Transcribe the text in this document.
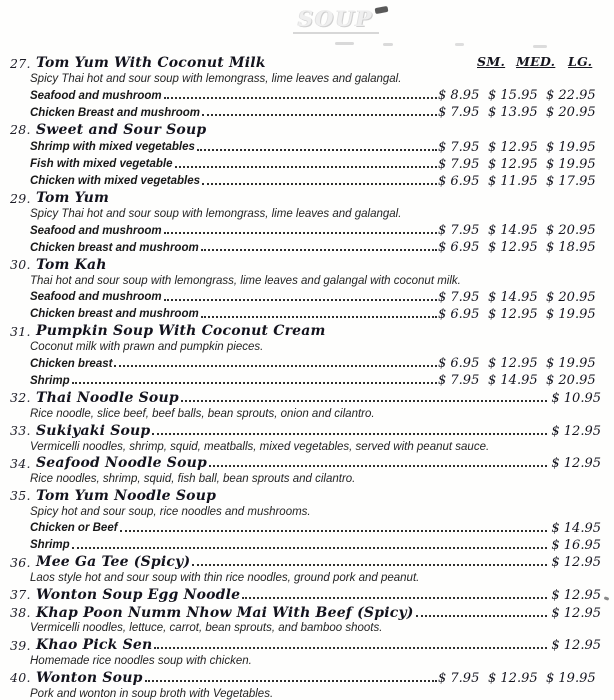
SOUP
SM. MED. LG.
27. Tom Yum With Coconut Milk
Spicy Thai hot and sour soup with lemongrass, lime leaves and galangal.
Seafood and mushroom	$ 8.95 $ 15.95 $ 22.95
Chicken Breast and mushroom	$ 7.95 $ 13.95 $ 20.95
28. Sweet and Sour Soup
Shrimp with mixed vegetables	$ 7.95 $ 12.95 $ 19.95
Fish with mixed vegetable	$ 7.95 $ 12.95 $ 19.95
Chicken with mixed vegetables	$ 6.95 $ 11.95 $ 17.95
29. Tom Yum
Spicy Thai hot and sour soup with lemongrass, lime leaves and galangal.
Seafood and mushroom	$ 7.95 $ 14.95 $ 20.95
Chicken breast and mushroom	$ 6.95 $ 12.95 $ 18.95
30. Tom Kah
Thai hot and sour soup with lemongrass, lime leaves and galangal with coconut milk.
Seafood and mushroom	$ 7.95 $ 14.95 $ 20.95
Chicken breast and mushroom	$ 6.95 $ 12.95 $ 19.95
31. Pumpkin Soup With Coconut Cream
Coconut milk with prawn and pumpkin pieces.
Chicken breast	$ 6.95 $ 12.95 $ 19.95
Shrimp	$ 7.95 $ 14.95 $ 20.95
32. Thai Noodle Soup	$ 10.95
Rice noodle, slice beef, beef balls, bean sprouts, onion and cilantro.
33. Sukiyaki Soup	$ 12.95
Vermicelli noodles, shrimp, squid, meatballs, mixed vegetables, served with peanut sauce.
34. Seafood Noodle Soup	$ 12.95
Rice noodles, shrimp, squid, fish ball, bean sprouts and cilantro.
35. Tom Yum Noodle Soup
Spicy hot and sour soup, rice noodles and mushrooms.
Chicken or Beef	$ 14.95
Shrimp	$ 16.95
36. Mee Ga Tee (Spicy)	$ 12.95
Laos style hot and sour soup with thin rice noodles, ground pork and peanut.
37. Wonton Soup Egg Noodle	$ 12.95
38. Khap Poon Numm Nhow Mai With Beef (Spicy)	$ 12.95
Vermicelli noodles, lettuce, carrot, bean sprouts, and bamboo shoots.
39. Khao Pick Sen	$ 12.95
Homemade rice noodles soup with chicken.
40. Wonton Soup	$ 7.95 $ 12.95 $ 19.95
Pork and wonton in soup broth with Vegetables.
